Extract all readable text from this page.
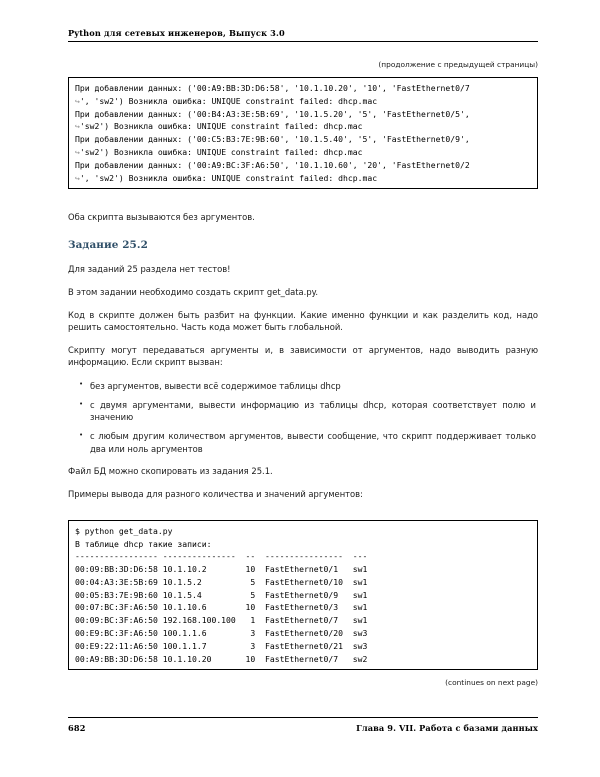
Python для сетевых инженеров, Выпуск 3.0
(продолжение с предыдущей страницы)
При добавлении данных: ('00:A9:BB:3D:D6:58', '10.1.10.20', '10', 'FastEthernet0/7
↪', 'sw2') Возникла ошибка: UNIQUE constraint failed: dhcp.mac
При добавлении данных: ('00:B4:A3:3E:5B:69', '10.1.5.20', '5', 'FastEthernet0/5',
↪'sw2') Возникла ошибка: UNIQUE constraint failed: dhcp.mac
При добавлении данных: ('00:C5:B3:7E:9B:60', '10.1.5.40', '5', 'FastEthernet0/9',
↪'sw2') Возникла ошибка: UNIQUE constraint failed: dhcp.mac
При добавлении данных: ('00:A9:BC:3F:A6:50', '10.1.10.60', '20', 'FastEthernet0/2
↪', 'sw2') Возникла ошибка: UNIQUE constraint failed: dhcp.mac

Оба скрипта вызываются без аргументов.

Задание 25.2

Для заданий 25 раздела нет тестов!

В этом задании необходимо создать скрипт get_data.py.

Код в скрипте должен быть разбит на функции. Какие именно функции и как разделить код, надо решить самостоятельно. Часть кода может быть глобальной.

Скрипту могут передаваться аргументы и, в зависимости от аргументов, надо выводить разную информацию. Если скрипт вызван:

• без аргументов, вывести всё содержимое таблицы dhcp
• с двумя аргументами, вывести информацию из таблицы dhcp, которая соответствует полю и значению
• с любым другим количеством аргументов, вывести сообщение, что скрипт поддерживает только два или ноль аргументов

Файл БД можно скопировать из задания 25.1.

Примеры вывода для разного количества и значений аргументов:

$ python get_data.py
В таблице dhcp такие записи:
----------------- ---------------  --  ----------------  ---
00:09:BB:3D:D6:58 10.1.10.2        10  FastEthernet0/1   sw1
00:04:A3:3E:5B:69 10.1.5.2          5  FastEthernet0/10  sw1
00:05:B3:7E:9B:60 10.1.5.4          5  FastEthernet0/9   sw1
00:07:BC:3F:A6:50 10.1.10.6        10  FastEthernet0/3   sw1
00:09:BC:3F:A6:50 192.168.100.100   1  FastEthernet0/7   sw1
00:E9:BC:3F:A6:50 100.1.1.6         3  FastEthernet0/20  sw3
00:E9:22:11:A6:50 100.1.1.7         3  FastEthernet0/21  sw3
00:A9:BB:3D:D6:58 10.1.10.20       10  FastEthernet0/7   sw2
(continues on next page)
682	Глава 9. VII. Работа с базами данных
